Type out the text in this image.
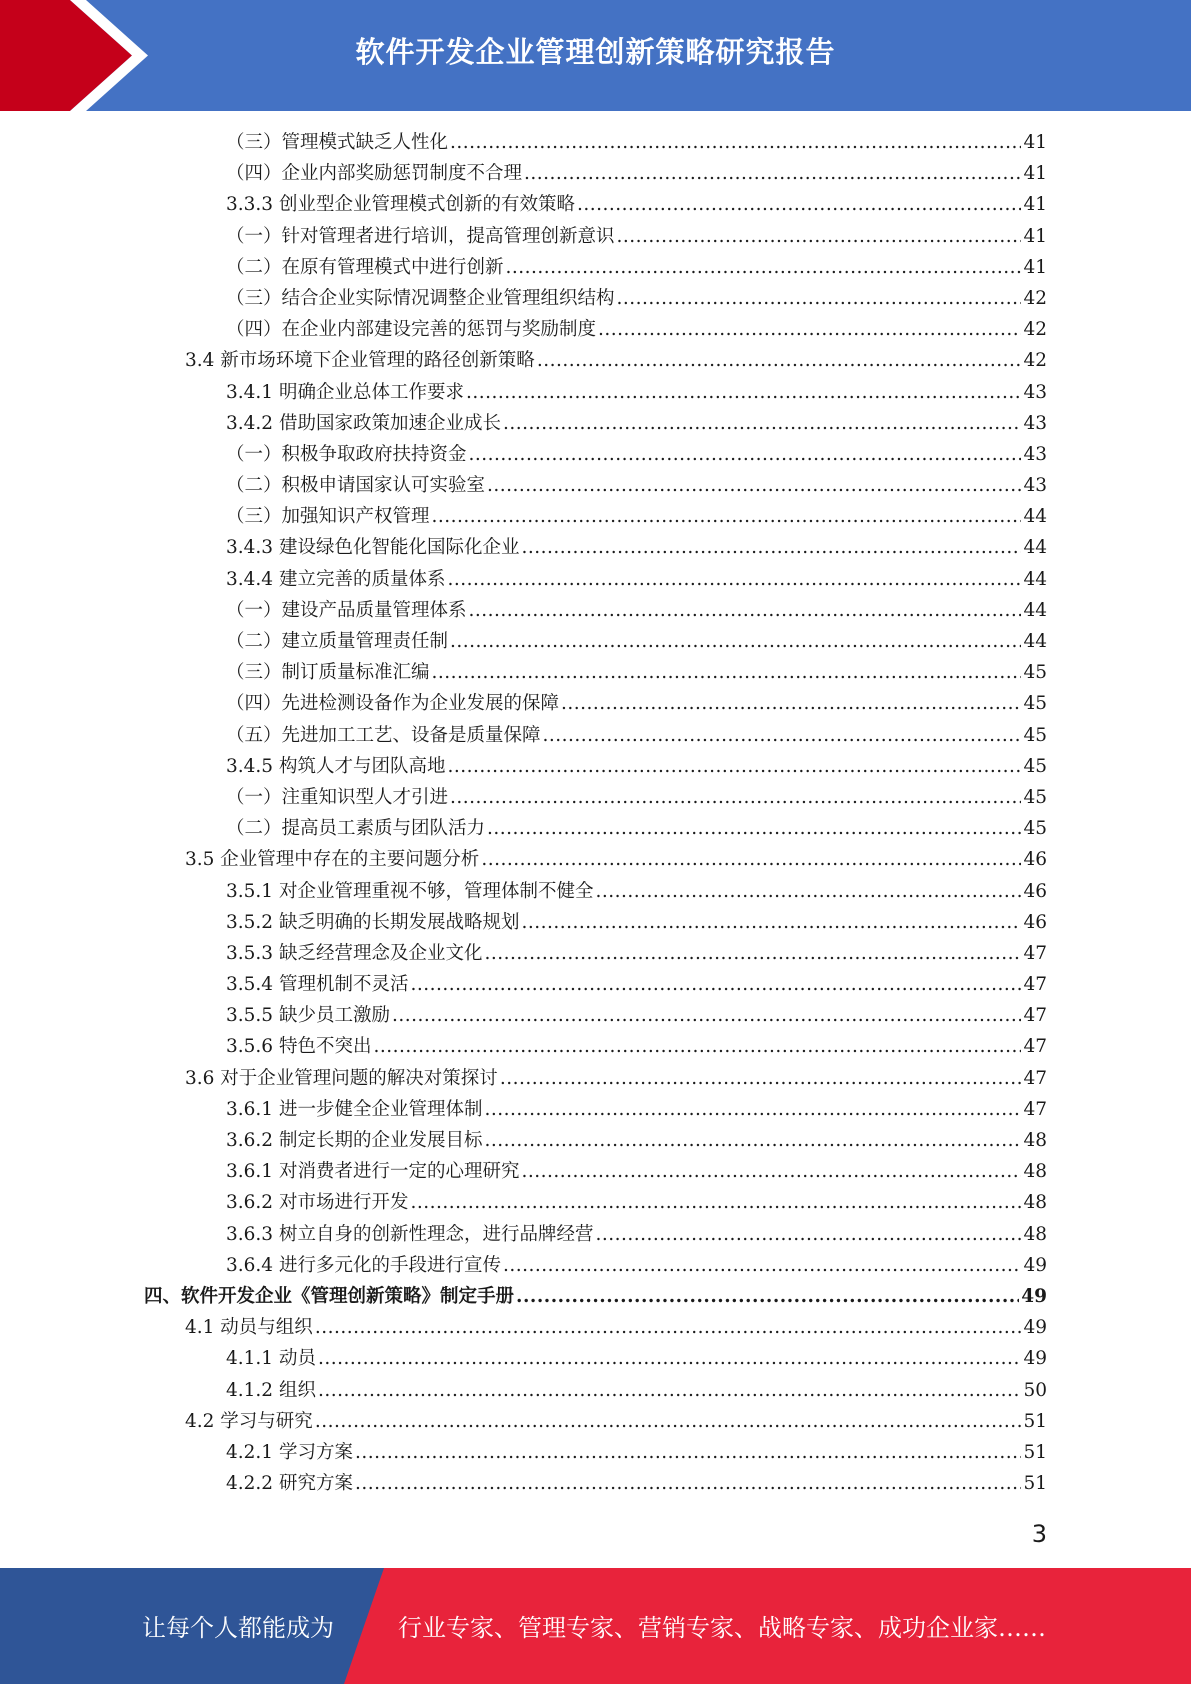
软件开发企业管理创新策略研究报告
（三）管理模式缺乏人性化 .....	41
（四）企业内部奖励惩罚制度不合理 .....	41
3.3.3 创业型企业管理模式创新的有效策略 .....	41
（一）针对管理者进行培训，提高管理创新意识 .....	41
（二）在原有管理模式中进行创新 .....	41
（三）结合企业实际情况调整企业管理组织结构 .....	42
（四）在企业内部建设完善的惩罚与奖励制度 .....	42
3.4 新市场环境下企业管理的路径创新策略 .....	42
3.4.1 明确企业总体工作要求 .....	43
3.4.2 借助国家政策加速企业成长 .....	43
（一）积极争取政府扶持资金 .....	43
（二）积极申请国家认可实验室 .....	43
（三）加强知识产权管理 .....	44
3.4.3 建设绿色化智能化国际化企业 .....	44
3.4.4 建立完善的质量体系 .....	44
（一）建设产品质量管理体系 .....	44
（二）建立质量管理责任制 .....	44
（三）制订质量标准汇编 .....	45
（四）先进检测设备作为企业发展的保障 .....	45
（五）先进加工工艺、设备是质量保障 .....	45
3.4.5 构筑人才与团队高地 .....	45
（一）注重知识型人才引进 .....	45
（二）提高员工素质与团队活力 .....	45
3.5 企业管理中存在的主要问题分析 .....	46
3.5.1 对企业管理重视不够，管理体制不健全 .....	46
3.5.2 缺乏明确的长期发展战略规划 .....	46
3.5.3 缺乏经营理念及企业文化 .....	47
3.5.4 管理机制不灵活 .....	47
3.5.5 缺少员工激励 .....	47
3.5.6 特色不突出 .....	47
3.6 对于企业管理问题的解决对策探讨 .....	47
3.6.1 进一步健全企业管理体制 .....	47
3.6.2 制定长期的企业发展目标 .....	48
3.6.1 对消费者进行一定的心理研究 .....	48
3.6.2 对市场进行开发 .....	48
3.6.3 树立自身的创新性理念，进行品牌经营 .....	48
3.6.4 进行多元化的手段进行宣传 .....	49
四、软件开发企业《管理创新策略》制定手册 .....	49
4.1 动员与组织 .....	49
4.1.1 动员 .....	49
4.1.2 组织 .....	50
4.2 学习与研究 .....	51
4.2.1 学习方案 .....	51
4.2.2 研究方案 .....	51
3
让每个人都能成为	行业专家、管理专家、营销专家、战略专家、成功企业家……
